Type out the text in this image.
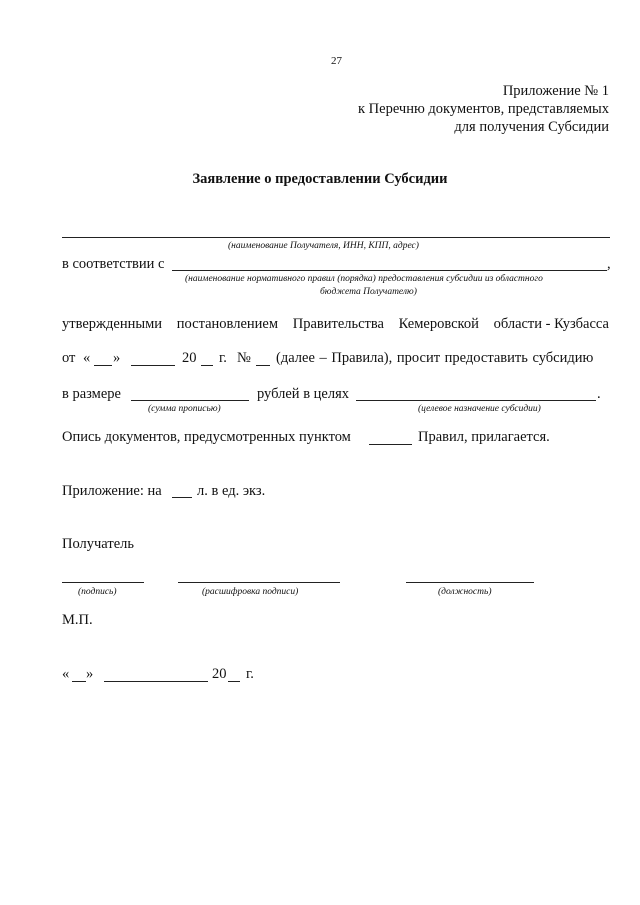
27
Приложение № 1
к Перечню документов, представляемых
для получения Субсидии
Заявление о предоставлении Субсидии
(наименование Получателя, ИНН, КПП, адрес)
в соответствии с	,
(наименование нормативного правил (порядка) предоставления субсидии из областного
бюджета Получателю)
утвержденными постановлением Правительства Кемеровской области - Кузбасса
от « »	20 г. № (далее – Правила), просит предоставить субсидию
в размере	рублей в целях	.
(сумма прописью)	(целевое назначение субсидии)
Опись документов, предусмотренных пунктом	Правил, прилагается.
Приложение: на л. в ед. экз.
Получатель
(подпись)	(расшифровка подписи)	(должность)
М.П.
« »	20 г.
